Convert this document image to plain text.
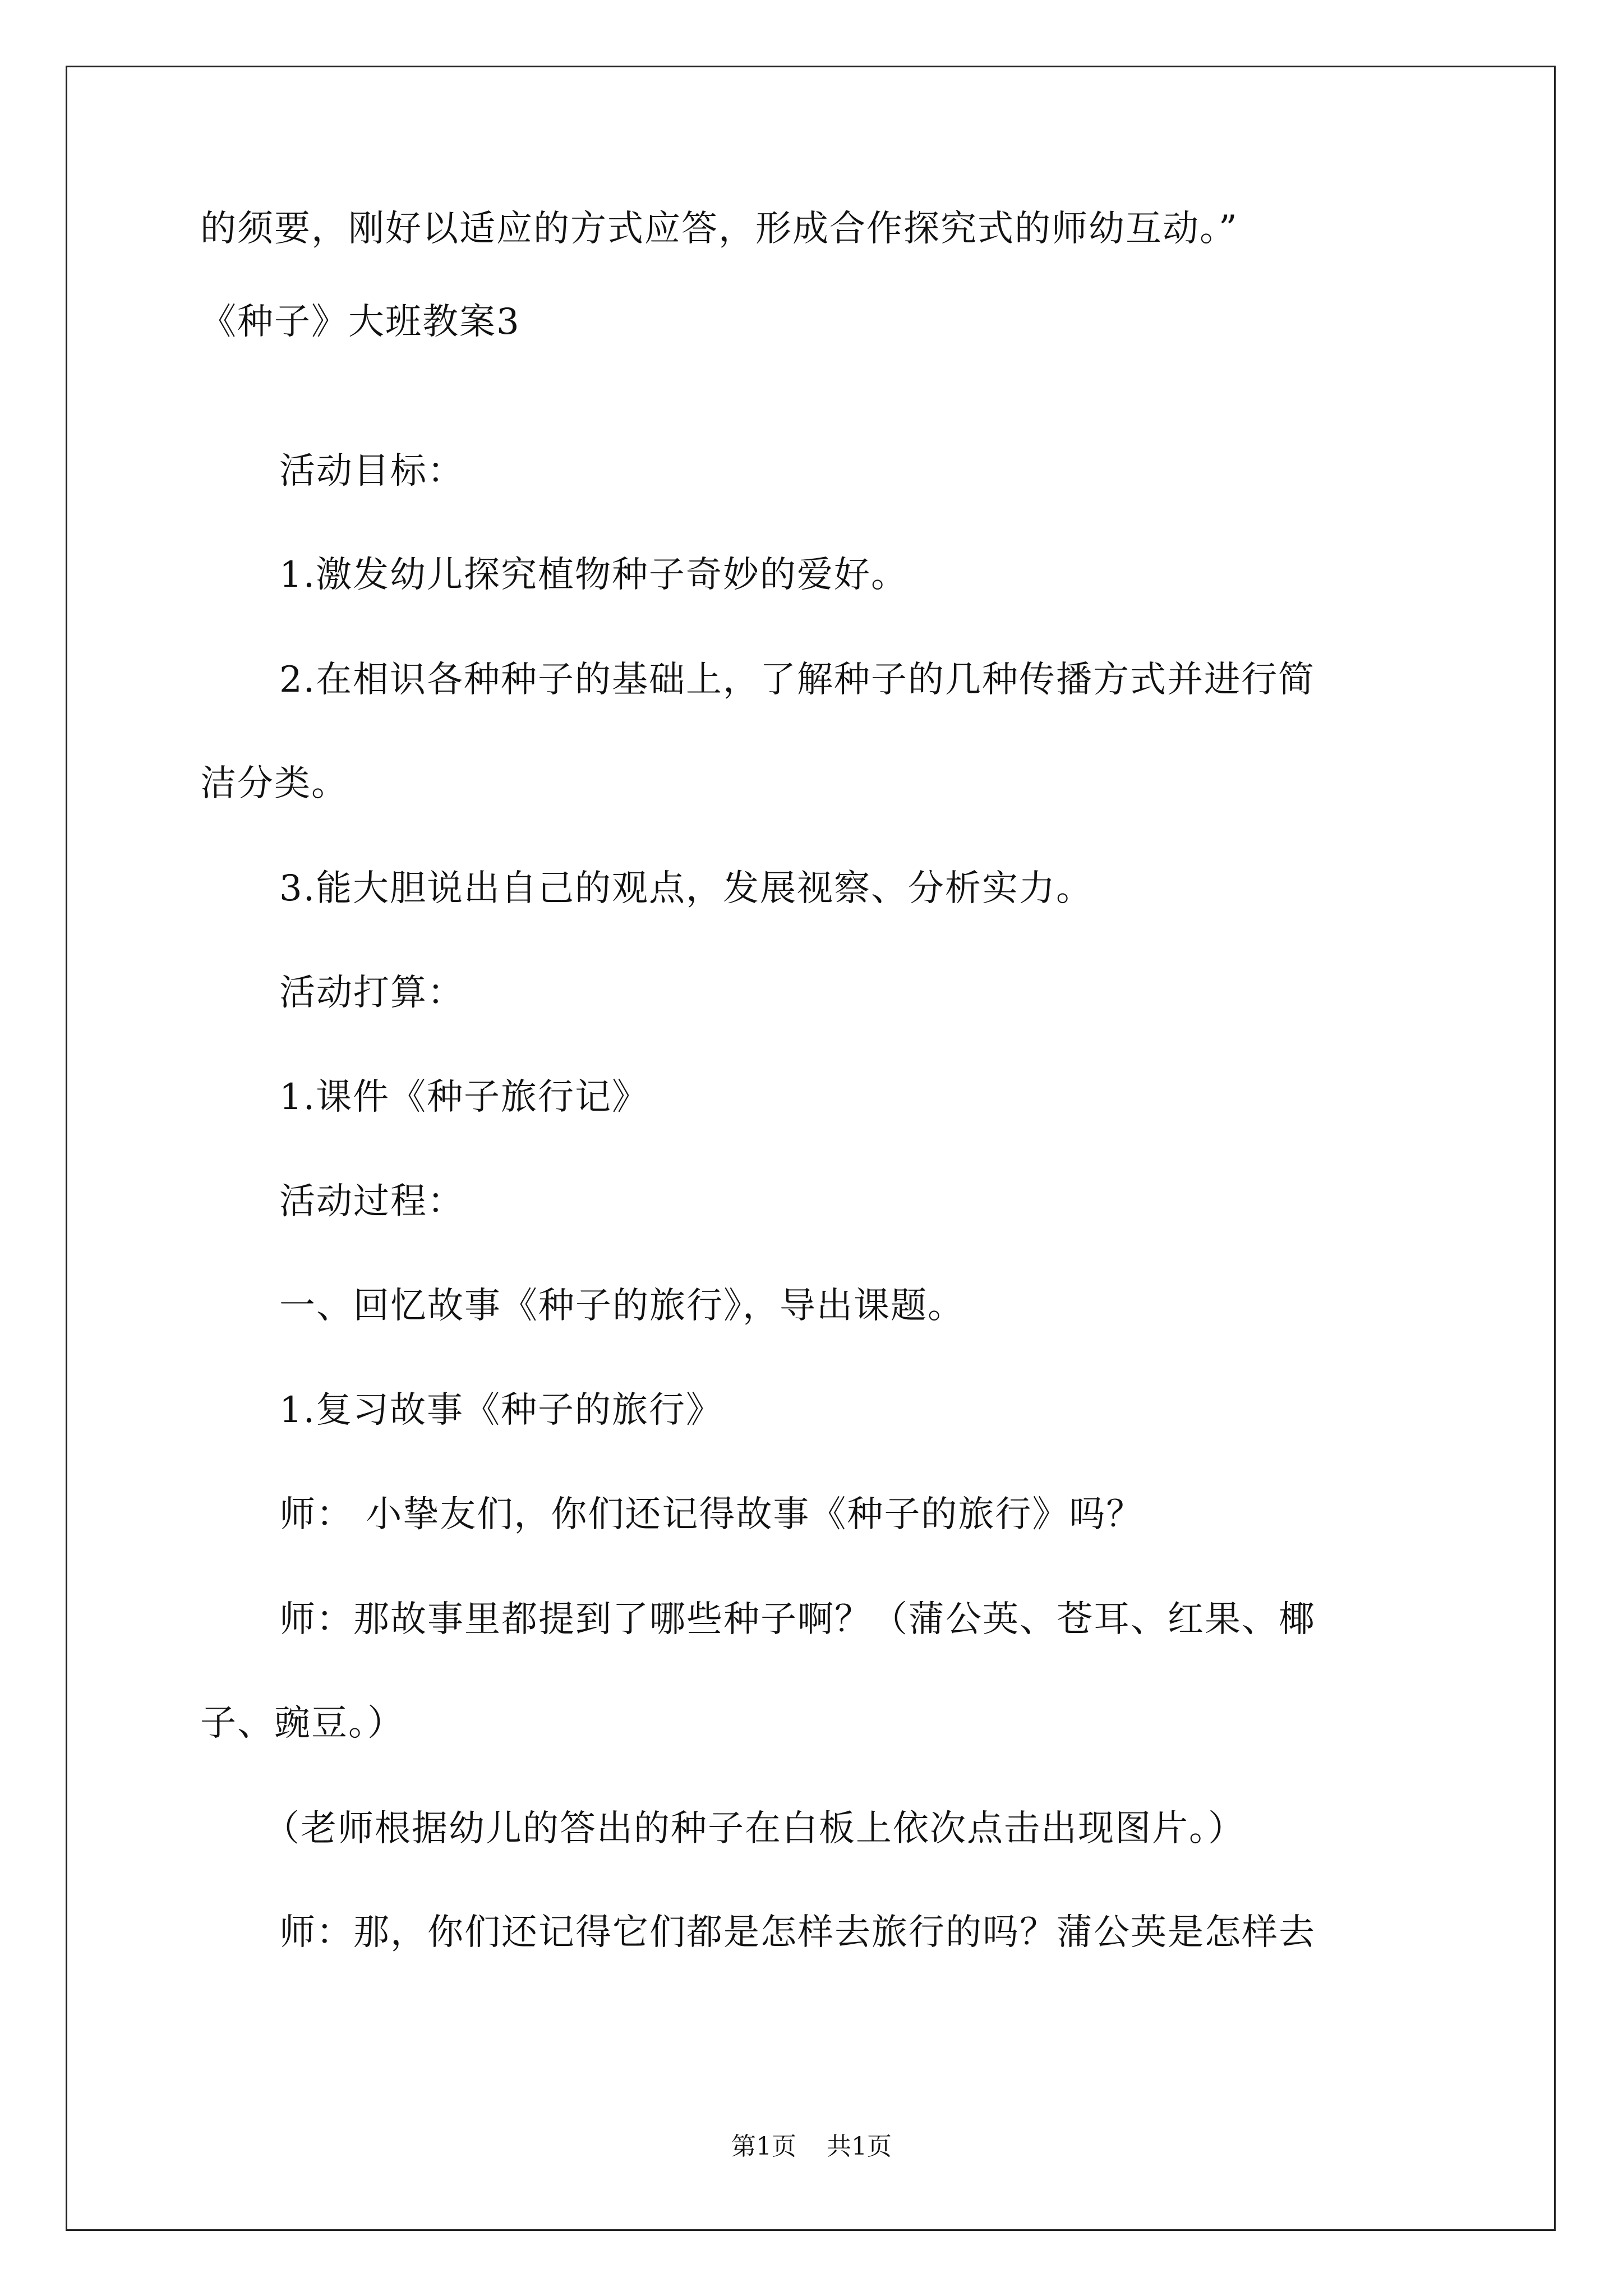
的须要，刚好以适应的方式应答，形成合作探究式的师幼互动。”
《种子》大班教案3
活动目标：
1.激发幼儿探究植物种子奇妙的爱好。
2.在相识各种种子的基础上，了解种子的几种传播方式并进行简
洁分类。
3.能大胆说出自己的观点，发展视察、分析实力。
活动打算：
1.课件《种子旅行记》
活动过程：
一、回忆故事《种子的旅行》，导出课题。
1.复习故事《种子的旅行》
师： 小挚友们，你们还记得故事《种子的旅行》吗？
师：那故事里都提到了哪些种子啊？（蒲公英、苍耳、红果、椰
子、豌豆。）
（老师根据幼儿的答出的种子在白板上依次点击出现图片。）
师：那，你们还记得它们都是怎样去旅行的吗？蒲公英是怎样去
第1页 共1页
